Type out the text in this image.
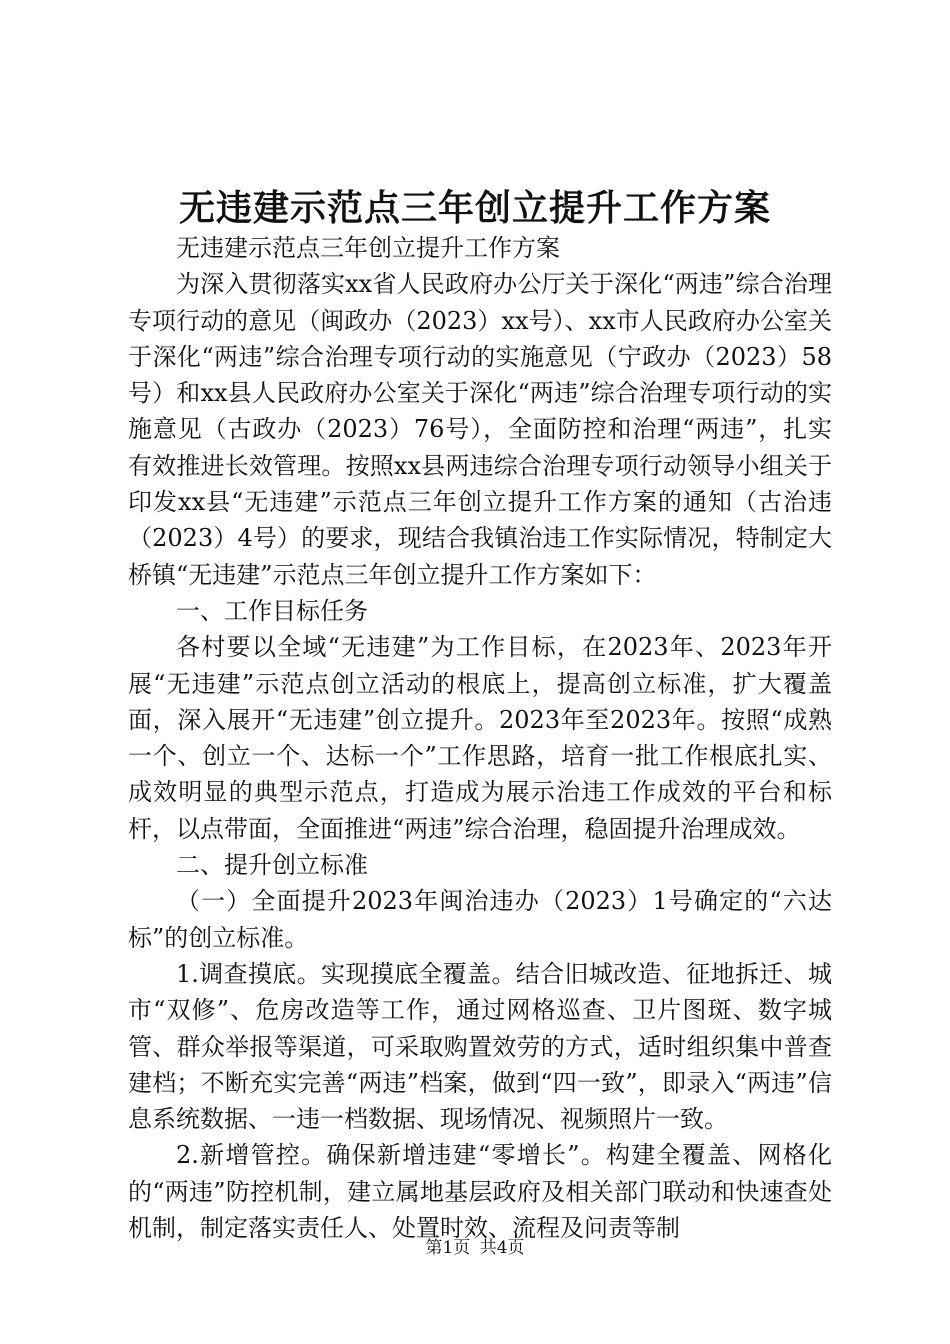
无违建示范点三年创立提升工作方案

无违建示范点三年创立提升工作方案

为深入贯彻落实xx省人民政府办公厅关于深化“两违”综合治理专项行动的意见（闽政办（2023）xx号）、xx市人民政府办公室关于深化“两违”综合治理专项行动的实施意见（宁政办（2023）58号）和xx县人民政府办公室关于深化“两违”综合治理专项行动的实施意见（古政办（2023）76号），全面防控和治理“两违”，扎实有效推进长效管理。按照xx县两违综合治理专项行动领导小组关于印发xx县“无违建”示范点三年创立提升工作方案的通知（古治违（2023）4号）的要求，现结合我镇治违工作实际情况，特制定大桥镇“无违建”示范点三年创立提升工作方案如下：

一、工作目标任务

各村要以全域“无违建”为工作目标，在2023年、2023年开展“无违建”示范点创立活动的根底上，提高创立标准，扩大覆盖面，深入展开“无违建”创立提升。2023年至2023年。按照“成熟一个、创立一个、达标一个”工作思路，培育一批工作根底扎实、成效明显的典型示范点，打造成为展示治违工作成效的平台和标杆，以点带面，全面推进“两违”综合治理，稳固提升治理成效。

二、提升创立标准

（一）全面提升2023年闽治违办（2023）1号确定的“六达标”的创立标准。

1.调查摸底。实现摸底全覆盖。结合旧城改造、征地拆迁、城市“双修”、危房改造等工作，通过网格巡查、卫片图斑、数字城管、群众举报等渠道，可采取购置效劳的方式，适时组织集中普查建档；不断充实完善“两违”档案，做到“四一致”，即录入“两违”信息系统数据、一违一档数据、现场情况、视频照片一致。

2.新增管控。确保新增违建“零增长”。构建全覆盖、网格化的“两违”防控机制，建立属地基层政府及相关部门联动和快速查处机制，制定落实责任人、处置时效、流程及问责等制

第1页 共4页
